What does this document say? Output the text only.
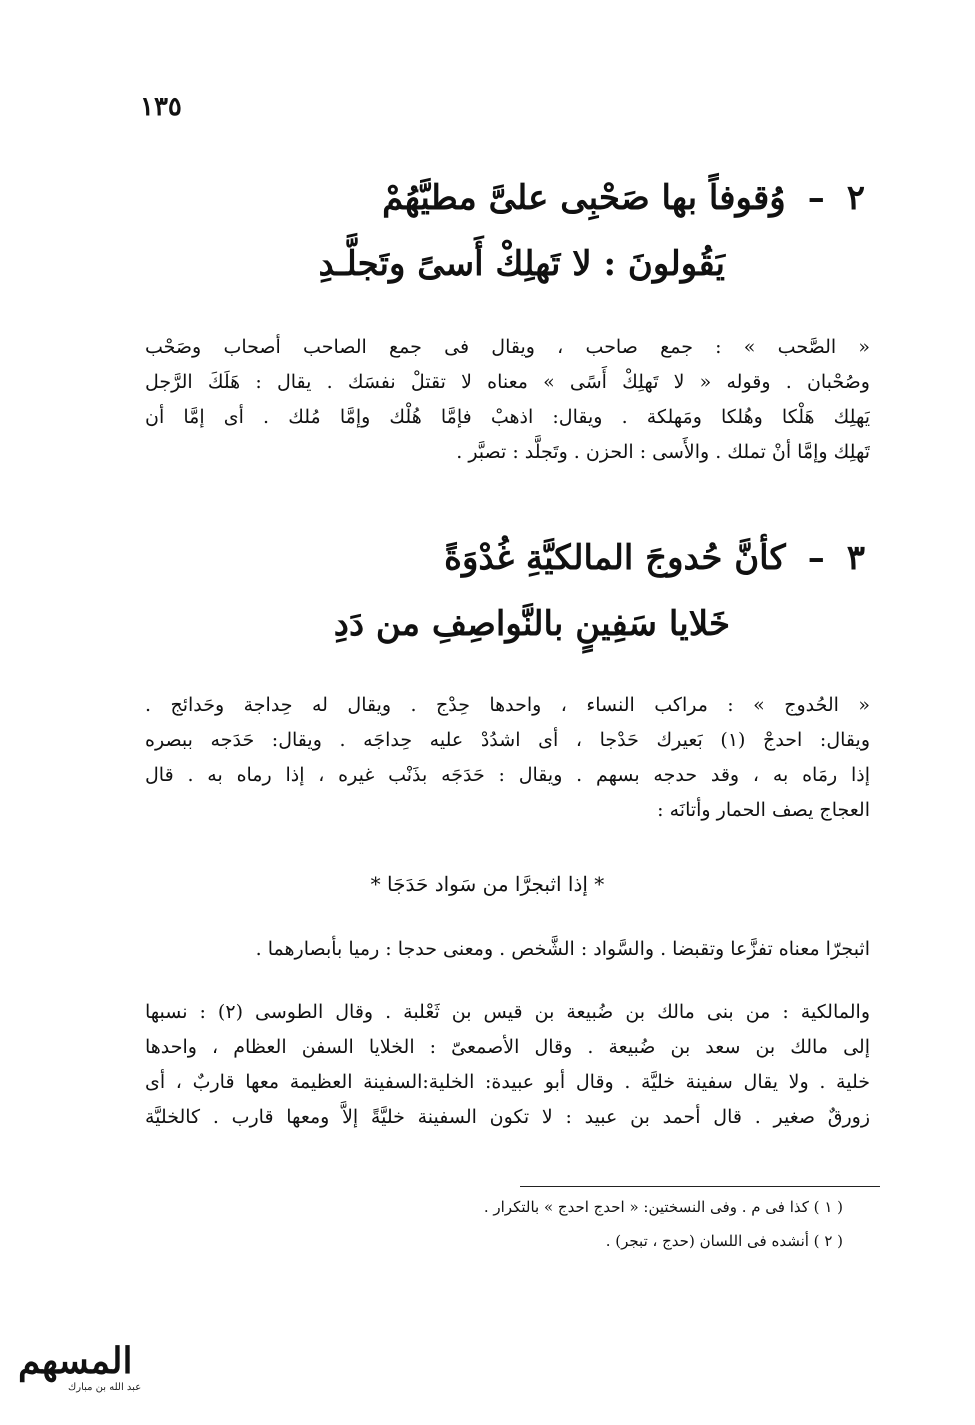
١٣٥
٢–وُقوفاً بها صَحْبِى علىَّ مطيَّهُمْ
يَقُولونَ : لا تَهلِكْ أَسىً وتَجلَّـدِ
« الصَّحب » : جمع صاحب ، ويقال فى جمع الصاحب أصحاب وصَحْب
وصُحْبان . وقوله « لا تَهلِكْ أَسًى » معناه لا تقتلْ نفسَك . يقال : هَلَكَ الرَّجل
يَهلِك هَلْكا وهُلكا ومَهلكة . ويقال: اذهبْ فإمَّا هُلْك وإمَّا مُلك . أى إمَّا أن
تَهلِك وإمَّا أنْ تملك . والأَسى : الحزن . وتَجلَّد : تصبَّر .
٣–كأنَّ حُدوجَ المالكيَّةِ غُدْوَةً
خَلايا سَفِينٍ بالنَّواصِفِ من دَدِ
« الحُدوج » : مراكب النساء ، واحدها حِدْج . ويقال له حِداجة وحَدائج .
ويقال: احدجْ (١) بَعيرك حَدْجا ، أى اشدُدْ عليه حِداجَه . ويقال: حَدَجه ببصره
إذا رمَاه به ، وقد حدجه بسهم . ويقال : حَدَجَه بذَنْب غيره ، إذا رماه به . قال
العجاج يصف الحمار وأتانَه :
* إذا اثبجرَّا من سَواد حَدَجَا *
اثبجرّا معناه تفزَّعا وتقبضا . والسَّواد : الشَّخص . ومعنى حدجا : رميا بأبصارهما .
والمالكية : من بنى مالك بن ضُبيعة بن قيس بن ثَعْلبة . وقال الطوسى (٢) : نسبها
إلى مالك بن سعد بن ضُبيعة . وقال الأصمعىّ : الخلايا السفن العظام ، واحدها
خلية . ولا يقال سفينة خليَّة . وقال أبو عبيدة: الخلية:السفينة العظيمة معها قاربٌ ، أى
زورقٌ صغير . قال أحمد بن عبيد : لا تكون السفينة خليَّةً إلاَّ ومعها قارب . كالخليَّة
( ١ ) كذا فى م . وفى النسختين: « احدج احدج » بالتكرار .
( ٢ ) أنشده فى اللسان (حدج ، تبجر) .
المسهم
عبد الله بن مبارك
